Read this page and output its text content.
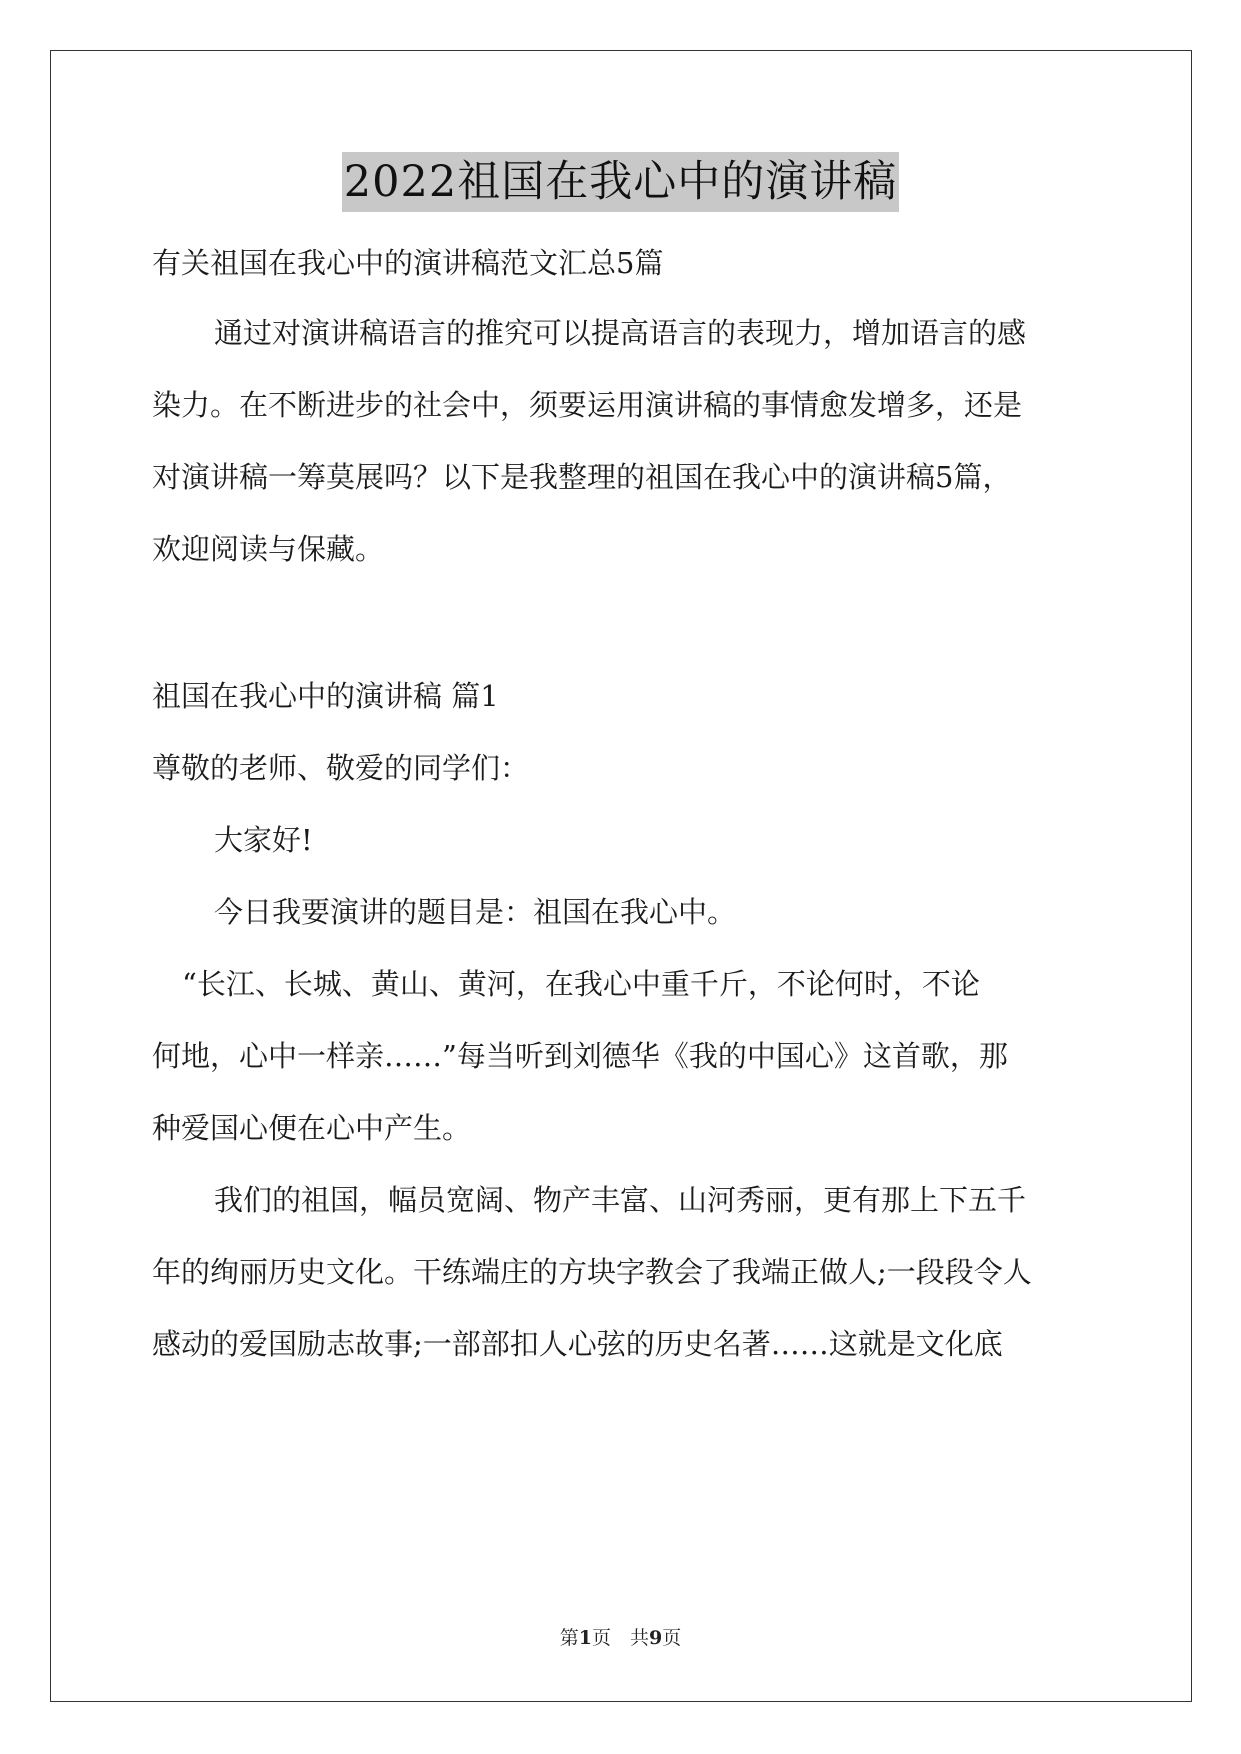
2022祖国在我心中的演讲稿
有关祖国在我心中的演讲稿范文汇总5篇
通过对演讲稿语言的推究可以提高语言的表现力，增加语言的感
染力。在不断进步的社会中，须要运用演讲稿的事情愈发增多，还是
对演讲稿一筹莫展吗？以下是我整理的祖国在我心中的演讲稿5篇，
欢迎阅读与保藏。
祖国在我心中的演讲稿 篇1
尊敬的老师、敬爱的同学们：
大家好!
今日我要演讲的题目是：祖国在我心中。
“长江、长城、黄山、黄河，在我心中重千斤，不论何时，不论
何地，心中一样亲……”每当听到刘德华《我的中国心》这首歌，那
种爱国心便在心中产生。
我们的祖国，幅员宽阔、物产丰富、山河秀丽，更有那上下五千
年的绚丽历史文化。干练端庄的方块字教会了我端正做人;一段段令人
感动的爱国励志故事;一部部扣人心弦的历史名著……这就是文化底
第1页　共9页
